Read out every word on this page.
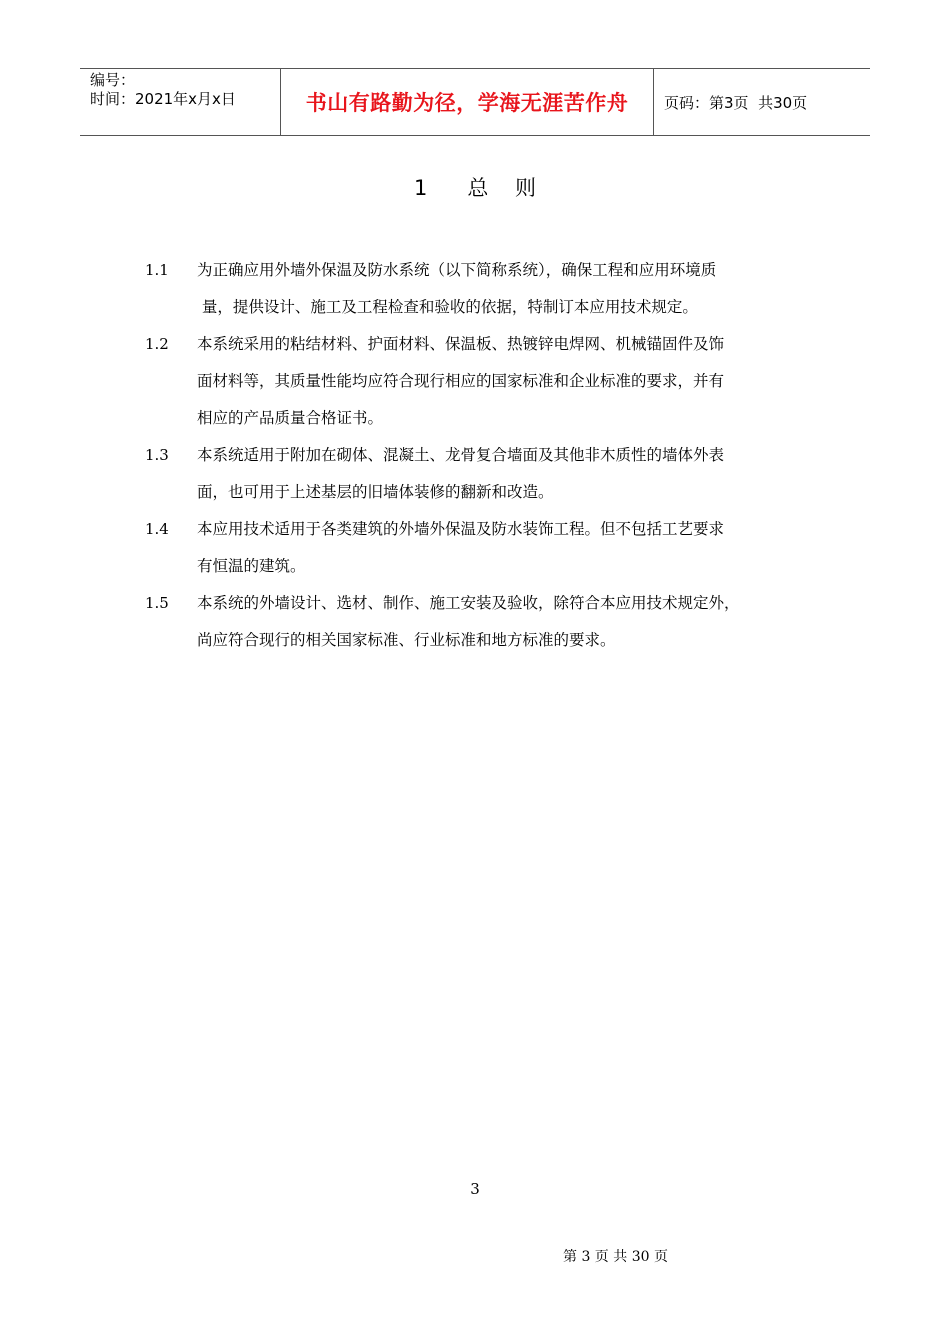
编号：
时间：2021年x月x日	书山有路勤为径，学海无涯苦作舟	页码：第3页  共30页
1      总    则
1.1	为正确应用外墙外保温及防水系统（以下简称系统），确保工程和应用环境质
量，提供设计、施工及工程检查和验收的依据，特制订本应用技术规定。
1.2	本系统采用的粘结材料、护面材料、保温板、热镀锌电焊网、机械锚固件及饰
面材料等，其质量性能均应符合现行相应的国家标准和企业标准的要求，并有
相应的产品质量合格证书。
1.3	本系统适用于附加在砌体、混凝土、龙骨复合墙面及其他非木质性的墙体外表
面，也可用于上述基层的旧墙体装修的翻新和改造。
1.4	本应用技术适用于各类建筑的外墙外保温及防水装饰工程。但不包括工艺要求
有恒温的建筑。
1.5	本系统的外墙设计、选材、制作、施工安装及验收，除符合本应用技术规定外，
尚应符合现行的相关国家标准、行业标准和地方标准的要求。
3
第 3 页 共 30 页
